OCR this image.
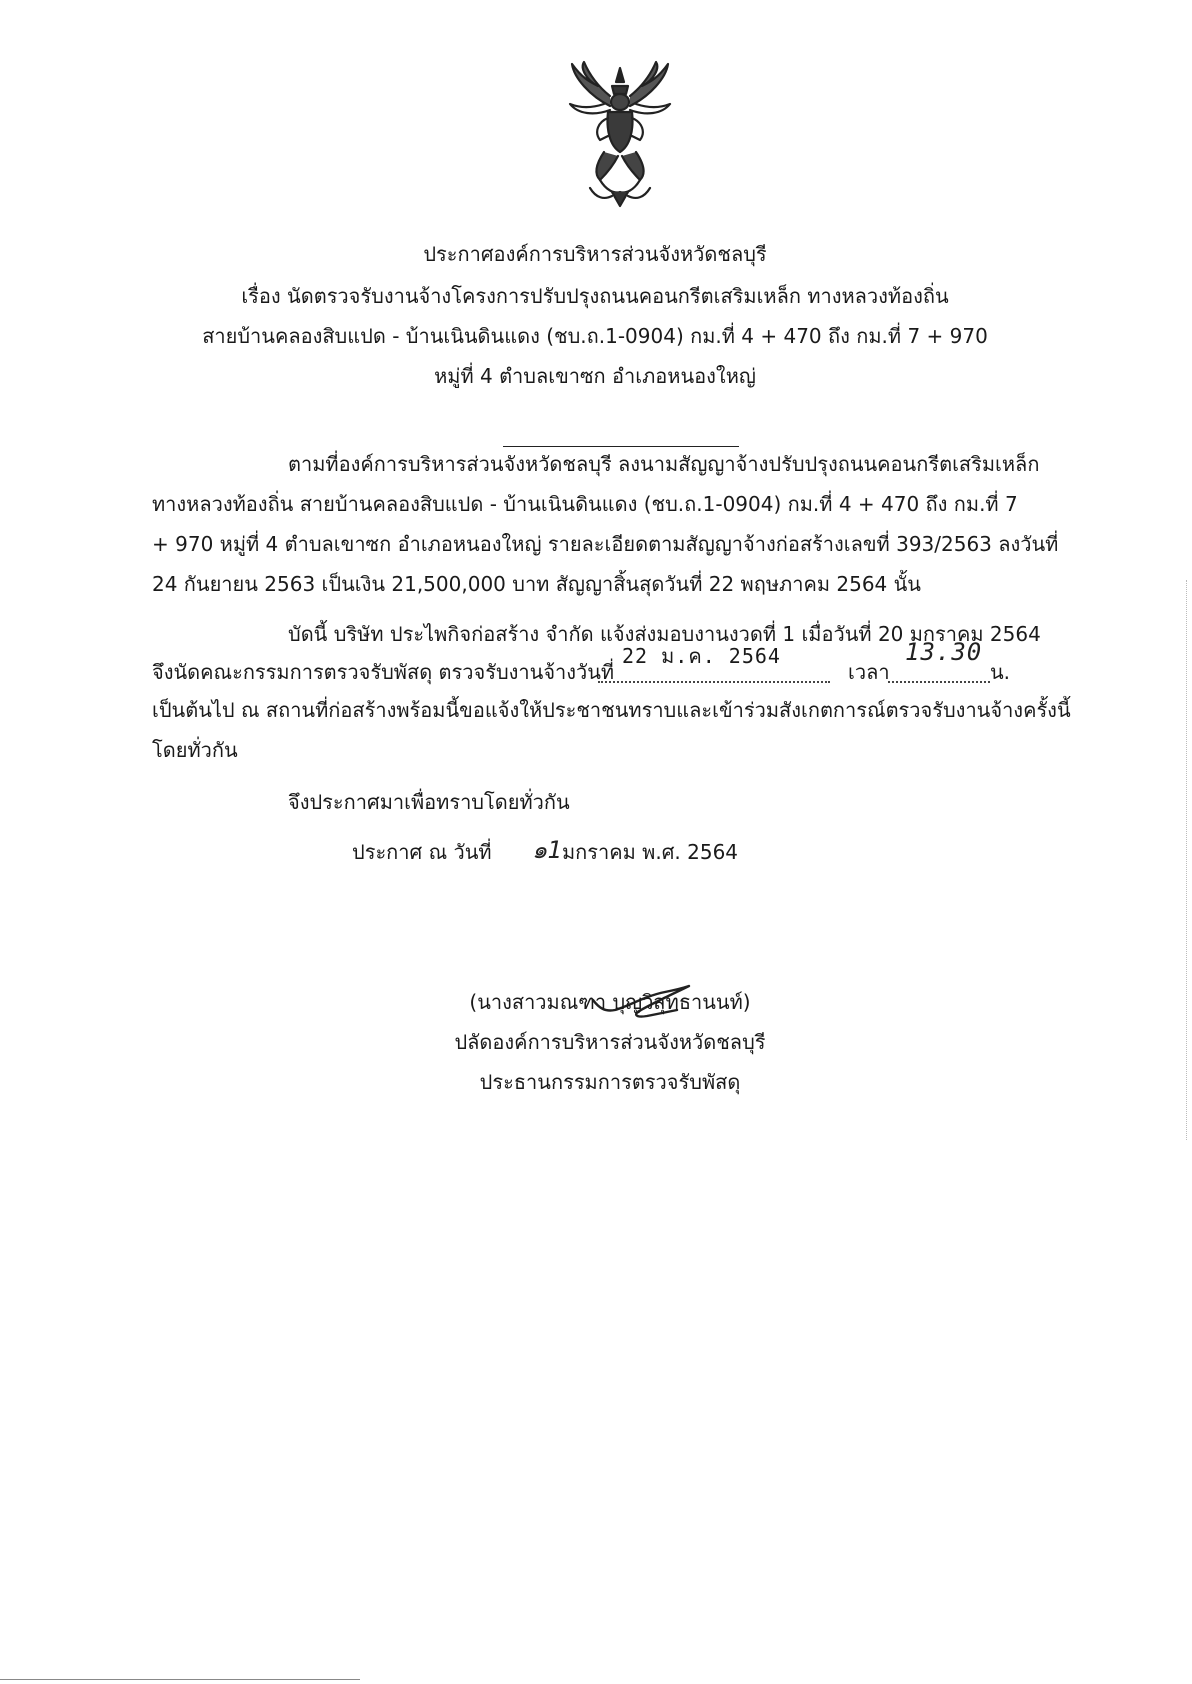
ประกาศองค์การบริหารส่วนจังหวัดชลบุรี
เรื่อง นัดตรวจรับงานจ้างโครงการปรับปรุงถนนคอนกรีตเสริมเหล็ก ทางหลวงท้องถิ่น
สายบ้านคลองสิบแปด - บ้านเนินดินแดง (ชบ.ถ.1-0904) กม.ที่ 4 + 470 ถึง กม.ที่ 7 + 970
หมู่ที่ 4 ตำบลเขาซก อำเภอหนองใหญ่
ตามที่องค์การบริหารส่วนจังหวัดชลบุรี ลงนามสัญญาจ้างปรับปรุงถนนคอนกรีตเสริมเหล็ก
ทางหลวงท้องถิ่น สายบ้านคลองสิบแปด - บ้านเนินดินแดง (ชบ.ถ.1-0904) กม.ที่ 4 + 470 ถึง กม.ที่ 7
+ 970 หมู่ที่ 4 ตำบลเขาซก อำเภอหนองใหญ่ รายละเอียดตามสัญญาจ้างก่อสร้างเลขที่ 393/2563 ลงวันที่
24 กันยายน 2563 เป็นเงิน 21,500,000 บาท สัญญาสิ้นสุดวันที่ 22 พฤษภาคม 2564 นั้น
บัดนี้ บริษัท ประไพกิจก่อสร้าง จำกัด แจ้งส่งมอบงานงวดที่ 1 เมื่อวันที่ 20 มกราคม 2564
จึงนัดคณะกรรมการตรวจรับพัสดุ ตรวจรับงานจ้างวันที่
22 ม.ค. 2564
เวลา
13.30
น.
เป็นต้นไป ณ สถานที่ก่อสร้างพร้อมนี้ขอแจ้งให้ประชาชนทราบและเข้าร่วมสังเกตการณ์ตรวจรับงานจ้างครั้งนี้
โดยทั่วกัน
จึงประกาศมาเพื่อทราบโดยทั่วกัน
ประกาศ ณ วันที่ ๑1 มกราคม พ.ศ. 2564
(นางสาวมณฑา บุญวิสุทธานนท์)
ปลัดองค์การบริหารส่วนจังหวัดชลบุรี
ประธานกรรมการตรวจรับพัสดุ
